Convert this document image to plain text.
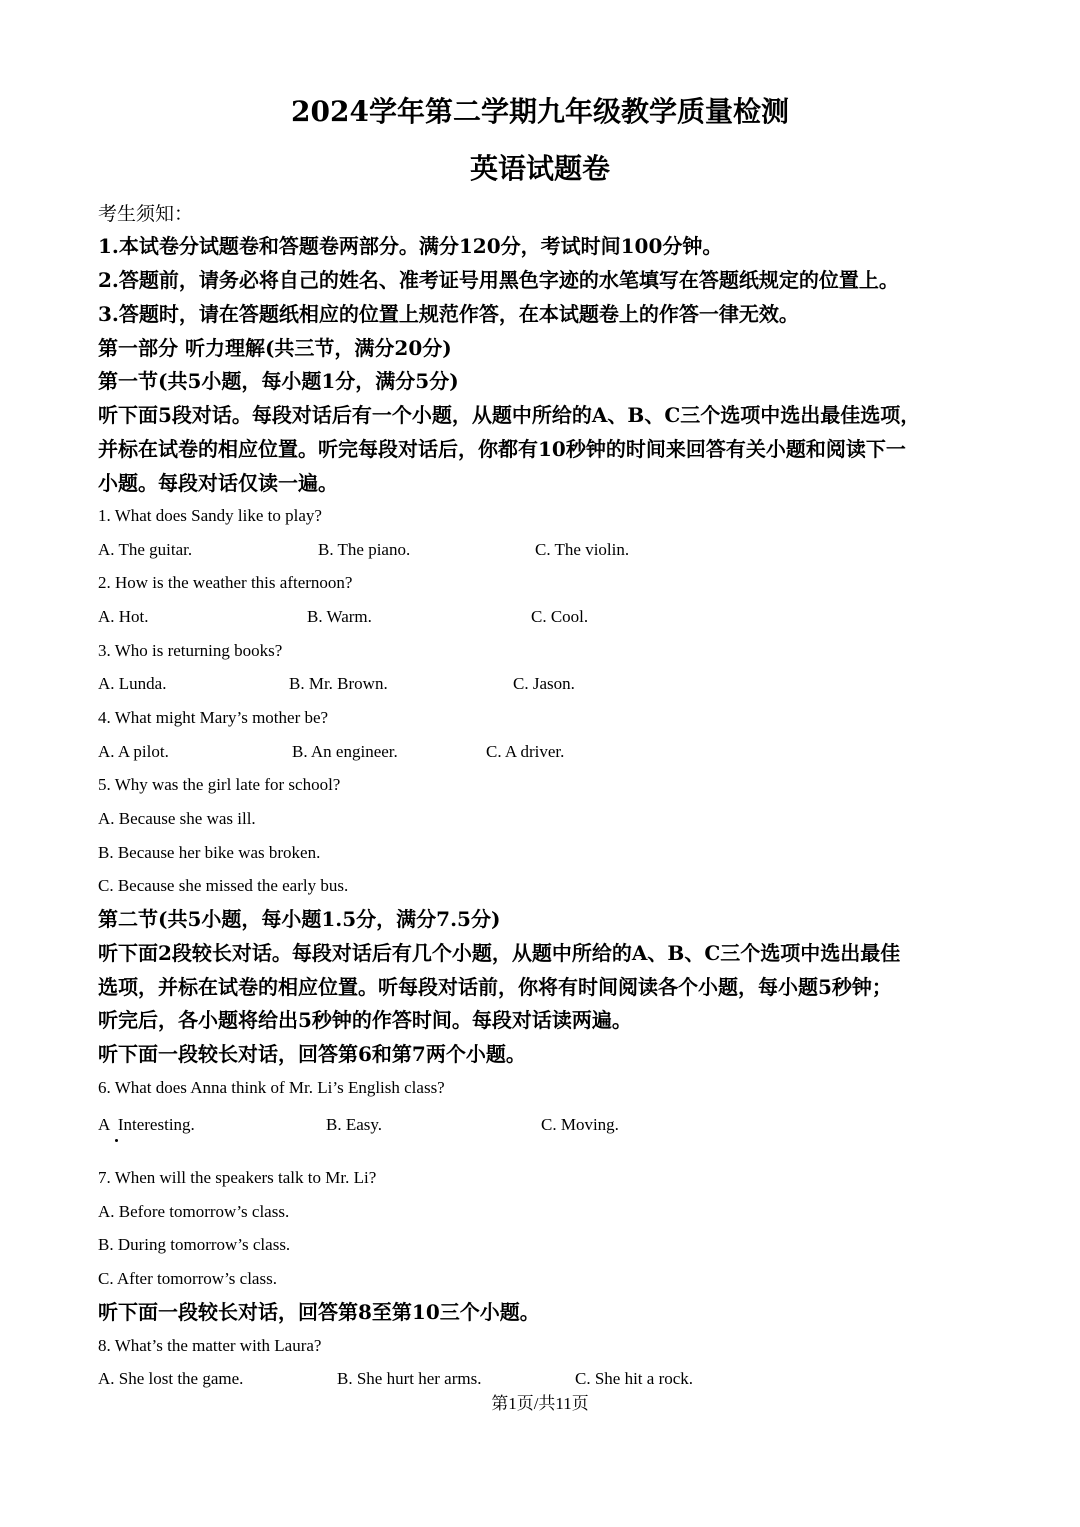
2024学年第二学期九年级教学质量检测
英语试题卷
考生须知：
1.本试卷分试题卷和答题卷两部分。满分120分，考试时间100分钟。
2.答题前，请务必将自己的姓名、准考证号用黑色字迹的水笔填写在答题纸规定的位置上。
3.答题时，请在答题纸相应的位置上规范作答，在本试题卷上的作答一律无效。
第一部分 听力理解(共三节，满分20分)
第一节(共5小题，每小题1分，满分5分)
听下面5段对话。每段对话后有一个小题，从题中所给的A、B、C三个选项中选出最佳选项，
并标在试卷的相应位置。听完每段对话后，你都有10秒钟的时间来回答有关小题和阅读下一
小题。每段对话仅读一遍。
1. What does Sandy like to play?
A. The guitar.	B. The piano.	C. The violin.
2. How is the weather this afternoon?
A. Hot.	B. Warm.	C. Cool.
3. Who is returning books?
A. Lunda.	B. Mr. Brown.	C. Jason.
4. What might Mary’s mother be?
A. A pilot.	B. An engineer.	C. A driver.
5. Why was the girl late for school?
A. Because she was ill.
B. Because her bike was broken.
C. Because she missed the early bus.
第二节(共5小题，每小题1.5分，满分7.5分)
听下面2段较长对话。每段对话后有几个小题，从题中所给的A、B、C三个选项中选出最佳
选项，并标在试卷的相应位置。听每段对话前，你将有时间阅读各个小题，每小题5秒钟；
听完后，各小题将给出5秒钟的作答时间。每段对话读两遍。
听下面一段较长对话，回答第6和第7两个小题。
6. What does Anna think of Mr. Li’s English class?
A  Interesting.	B. Easy.	C. Moving.
7. When will the speakers talk to Mr. Li?
A. Before tomorrow’s class.
B. During tomorrow’s class.
C. After tomorrow’s class.
听下面一段较长对话，回答第8至第10三个小题。
8. What’s the matter with Laura?
A. She lost the game.	B. She hurt her arms.	C. She hit a rock.
第1页/共11页
